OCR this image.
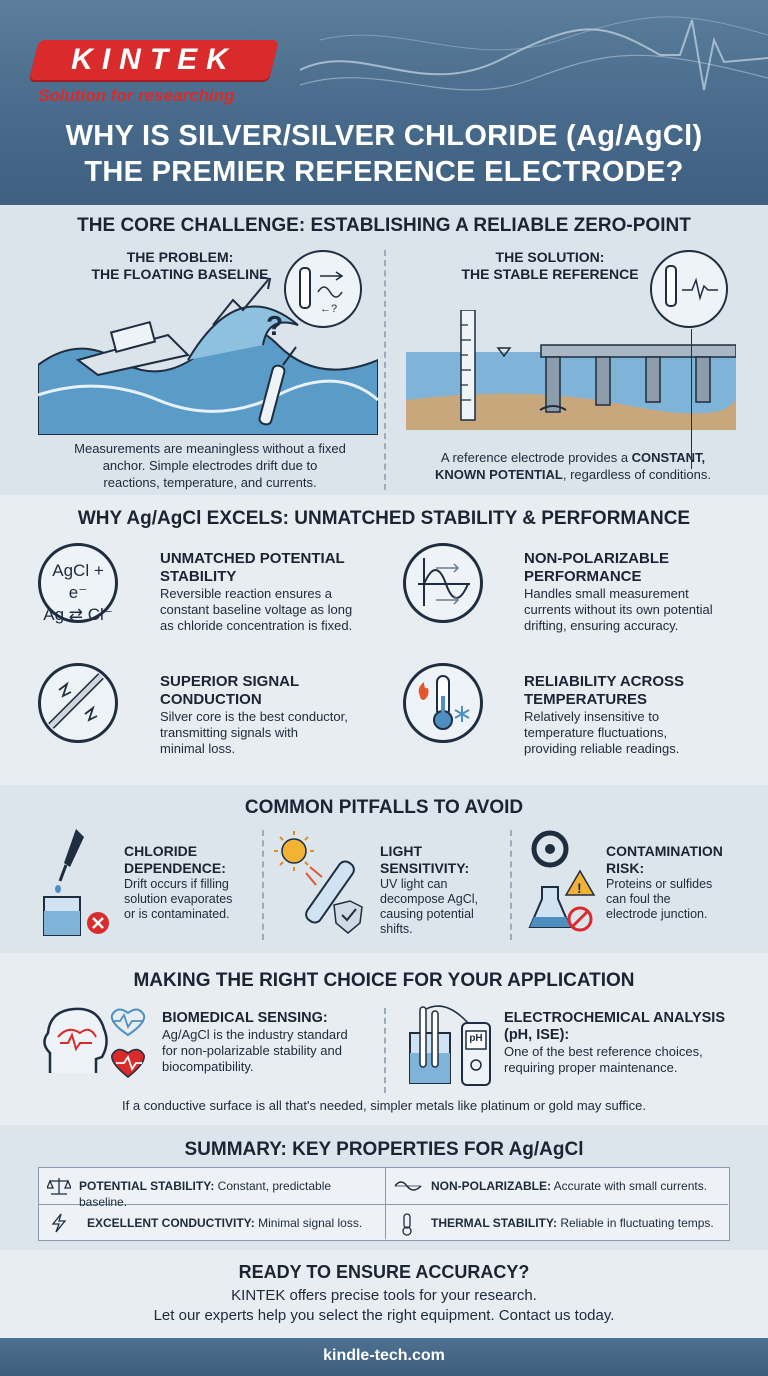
KINTEK
Solution for researching
WHY IS SILVER/SILVER CHLORIDE (Ag/AgCl)
THE PREMIER REFERENCE ELECTRODE?
THE CORE CHALLENGE: ESTABLISHING A RELIABLE ZERO-POINT
THE PROBLEM:
THE FLOATING BASELINE
?
←?
Measurements are meaningless without a fixed
anchor. Simple electrodes drift due to
reactions, temperature, and currents.
THE SOLUTION:
THE STABLE REFERENCE
A reference electrode provides a CONSTANT,
KNOWN POTENTIAL, regardless of conditions.
WHY Ag/AgCl EXCELS: UNMATCHED STABILITY & PERFORMANCE
AgCl + e⁻
Ag ⇄ Cl⁻
UNMATCHED POTENTIAL
STABILITY
Reversible reaction ensures a
constant baseline voltage as long
as chloride concentration is fixed.
NON-POLARIZABLE
PERFORMANCE
Handles small measurement
currents without its own potential
drifting, ensuring accuracy.
SUPERIOR SIGNAL
CONDUCTION
Silver core is the best conductor,
transmitting signals with
minimal loss.
RELIABILITY ACROSS
TEMPERATURES
Relatively insensitive to
temperature fluctuations,
providing reliable readings.
COMMON PITFALLS TO AVOID
CHLORIDE
DEPENDENCE:
Drift occurs if filling
solution evaporates
or is contaminated.
LIGHT
SENSITIVITY:
UV light can
decompose AgCl,
causing potential
shifts.
!
CONTAMINATION
RISK:
Proteins or sulfides
can foul the
electrode junction.
MAKING THE RIGHT CHOICE FOR YOUR APPLICATION
BIOMEDICAL SENSING:
Ag/AgCl is the industry standard
for non-polarizable stability and
biocompatibility.
pH
ELECTROCHEMICAL ANALYSIS
(pH, ISE):
One of the best reference choices,
requiring proper maintenance.
If a conductive surface is all that's needed, simpler metals like platinum or gold may suffice.
SUMMARY: KEY PROPERTIES FOR Ag/AgCl
POTENTIAL STABILITY: Constant, predictable baseline.
NON-POLARIZABLE: Accurate with small currents.
EXCELLENT CONDUCTIVITY: Minimal signal loss.	THERMAL STABILITY: Reliable in fluctuating temps.
READY TO ENSURE ACCURACY?
KINTEK offers precise tools for your research.
Let our experts help you select the right equipment. Contact us today.
kindle-tech.com
